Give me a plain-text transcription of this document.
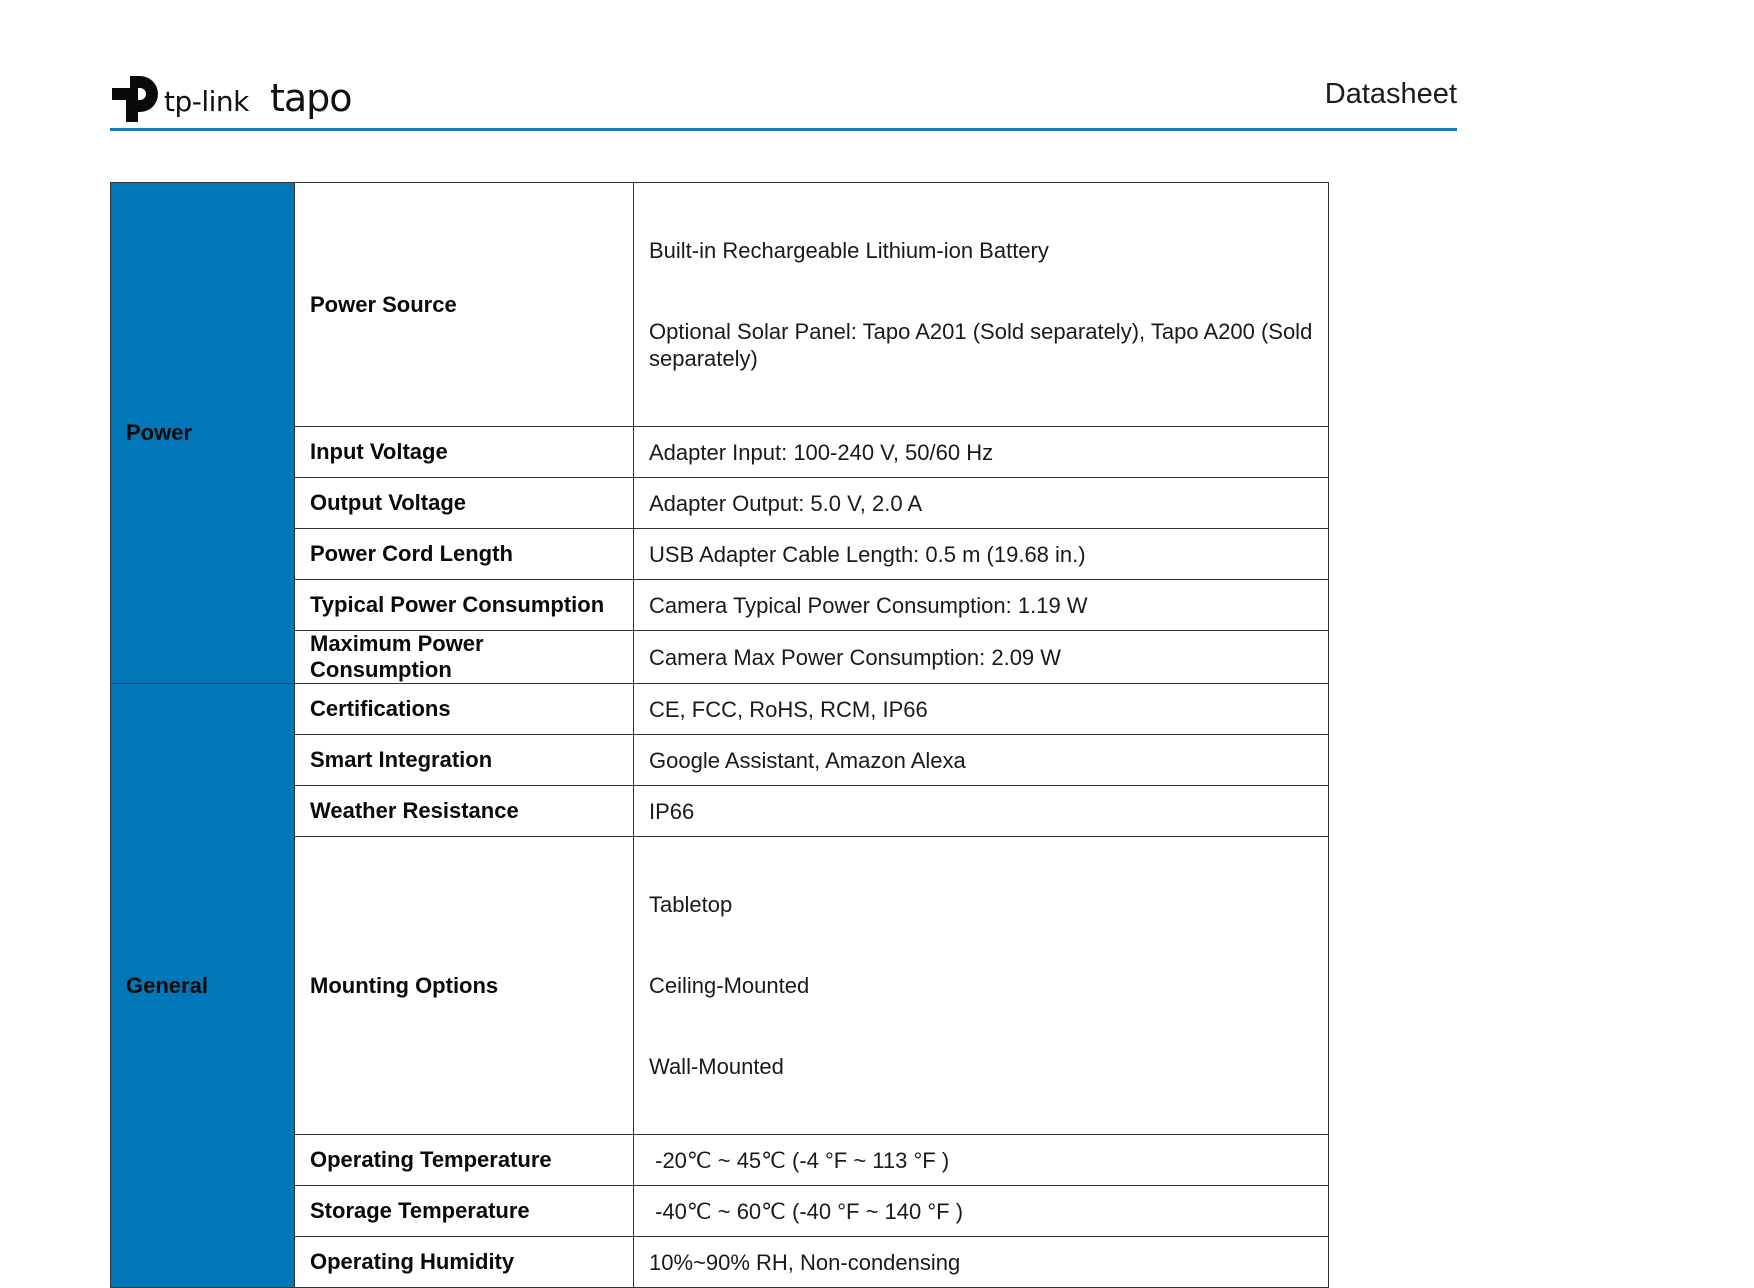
tp-link tapo	Datasheet
Power	Power Source	Built-in Rechargeable Lithium-ion Battery

Optional Solar Panel: Tapo A201 (Sold separately), Tapo A200 (Sold separately)

	Input Voltage	Adapter Input: 100-240 V, 50/60 Hz
	Output Voltage	Adapter Output: 5.0 V, 2.0 A
	Power Cord Length	USB Adapter Cable Length: 0.5 m (19.68 in.)
	Typical Power Consumption	Camera Typical Power Consumption: 1.19 W
	Maximum Power Consumption	Camera Max Power Consumption: 2.09 W
General	Certifications	CE, FCC, RoHS, RCM, IP66
	Smart Integration	Google Assistant, Amazon Alexa
	Weather Resistance	IP66
	Mounting Options	Tabletop

Ceiling-Mounted

Wall-Mounted

	Operating Temperature	-20℃ ~ 45℃ (-4 °F ~ 113 °F )
	Storage Temperature	-40℃ ~ 60℃ (-40 °F ~ 140 °F )
	Operating Humidity	10%~90% RH, Non-condensing
